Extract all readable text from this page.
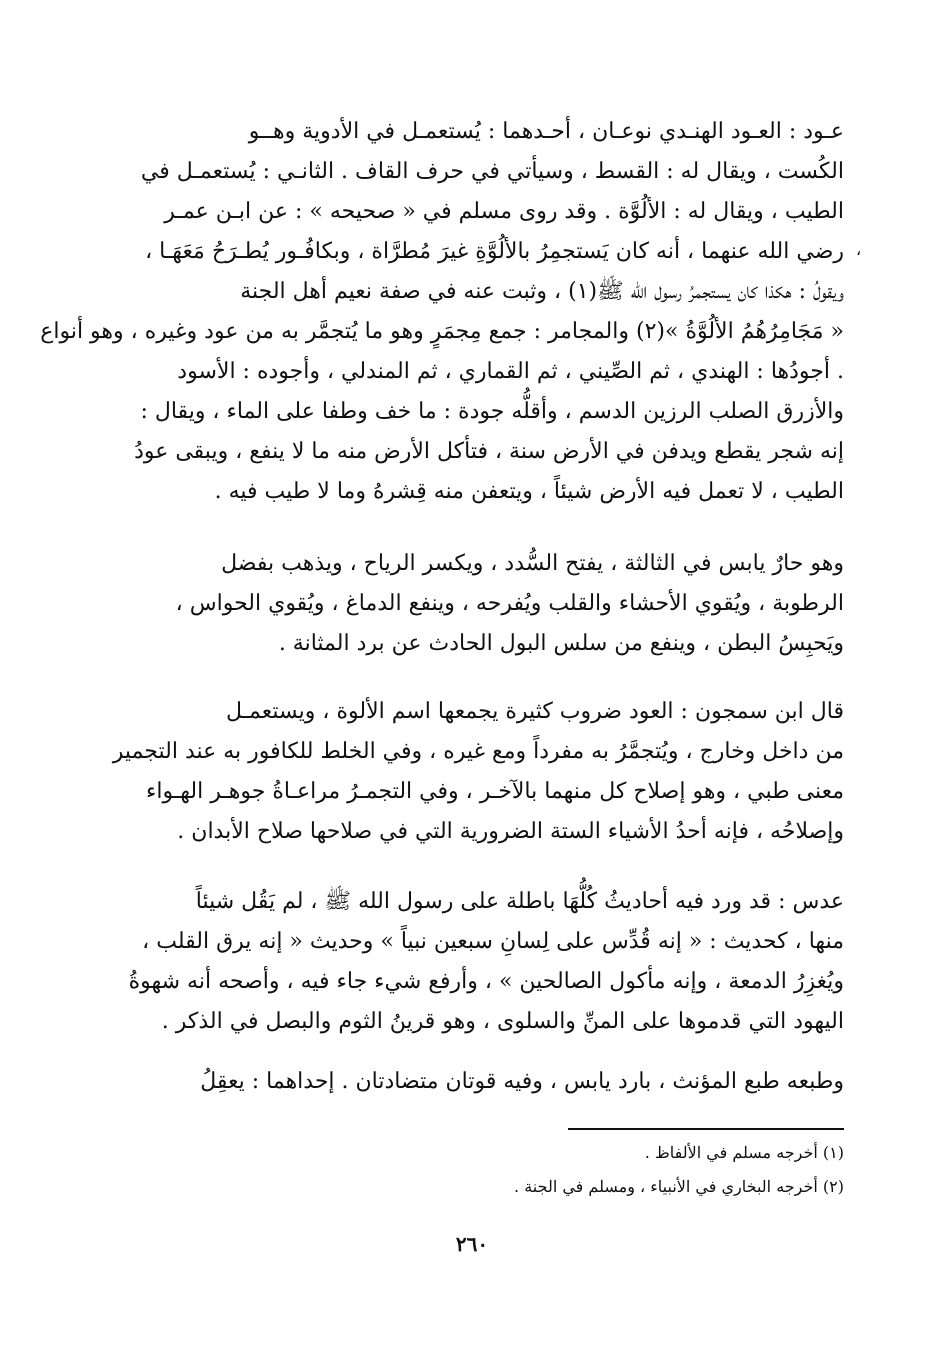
،
عـود : العـود الهنـدي نوعـان ، أحـدهما : يُستعمـل في الأدوية وهــو
الكُست ، ويقال له : القسط ، وسيأتي في حرف القاف . الثانـي : يُستعمـل في
الطيب ، ويقال له : الألُوَّة . وقد روى مسلم في « صحيحه » : عن ابـن عمـر
رضي الله عنهما ، أنه كان يَستجمِرُ بالألُوَّةِ غيرَ مُطرَّاة ، وبكافُـور يُطـرَحُ مَعَهَـا ،
ويقولُ : هكذا كان يستجمرُ رسول الله ﷺ(١) ، وثبت عنه في صفة نعيم أهل الجنة
« مَجَامِرُهُمُ الألُوَّةُ »(٢) والمجامر : جمع مِجمَرٍ وهو ما يُتجمَّر به من عود وغيره ، وهو أنواع
. أجودُها : الهندي ، ثم الصِّيني ، ثم القماري ، ثم المندلي ، وأجوده : الأسود
والأزرق الصلب الرزين الدسم ، وأقلُّه جودة : ما خف وطفا على الماء ، ويقال :
إنه شجر يقطع ويدفن في الأرض سنة ، فتأكل الأرض منه ما لا ينفع ، ويبقى عودُ
الطيب ، لا تعمل فيه الأرض شيئاً ، ويتعفن منه قِشرهُ وما لا طيب فيه .
وهو حارٌ يابس في الثالثة ، يفتح السُّدد ، ويكسر الرياح ، ويذهب بفضل
الرطوبة ، ويُقوي الأحشاء والقلب ويُفرحه ، وينفع الدماغ ، ويُقوي الحواس ،
ويَحبِسُ البطن ، وينفع من سلس البول الحادث عن برد المثانة .
قال ابن سمجون : العود ضروب كثيرة يجمعها اسم الألوة ، ويستعمـل
من داخل وخارج ، ويُتجمَّرُ به مفرداً ومع غيره ، وفي الخلط للكافور به عند التجمير
معنى طبي ، وهو إصلاح كل منهما بالآخـر ، وفي التجمـرُ مراعـاةُ جوهـر الهـواء
وإصلاحُه ، فإنه أحدُ الأشياء الستة الضرورية التي في صلاحها صلاح الأبدان .
عدس : قد ورد فيه أحاديثُ كُلُّهَا باطلة على رسول الله ﷺ ، لم يَقُل شيئاً
منها ، كحديث : « إنه قُدِّس على لِسانِ سبعين نبياً » وحديث « إنه يرق القلب ،
ويُغزِرُ الدمعة ، وإنه مأكول الصالحين » ، وأرفع شيء جاء فيه ، وأصحه أنه شهوةُ
اليهود التي قدموها على المنِّ والسلوى ، وهو قرينُ الثوم والبصل في الذكر .
وطبعه طبع المؤنث ، بارد يابس ، وفيه قوتان متضادتان . إحداهما : يعقِلُ
(١) أخرجه مسلم في الألفاظ .
(٢) أخرجه البخاري في الأنبياء ، ومسلم في الجنة .
٢٦٠
